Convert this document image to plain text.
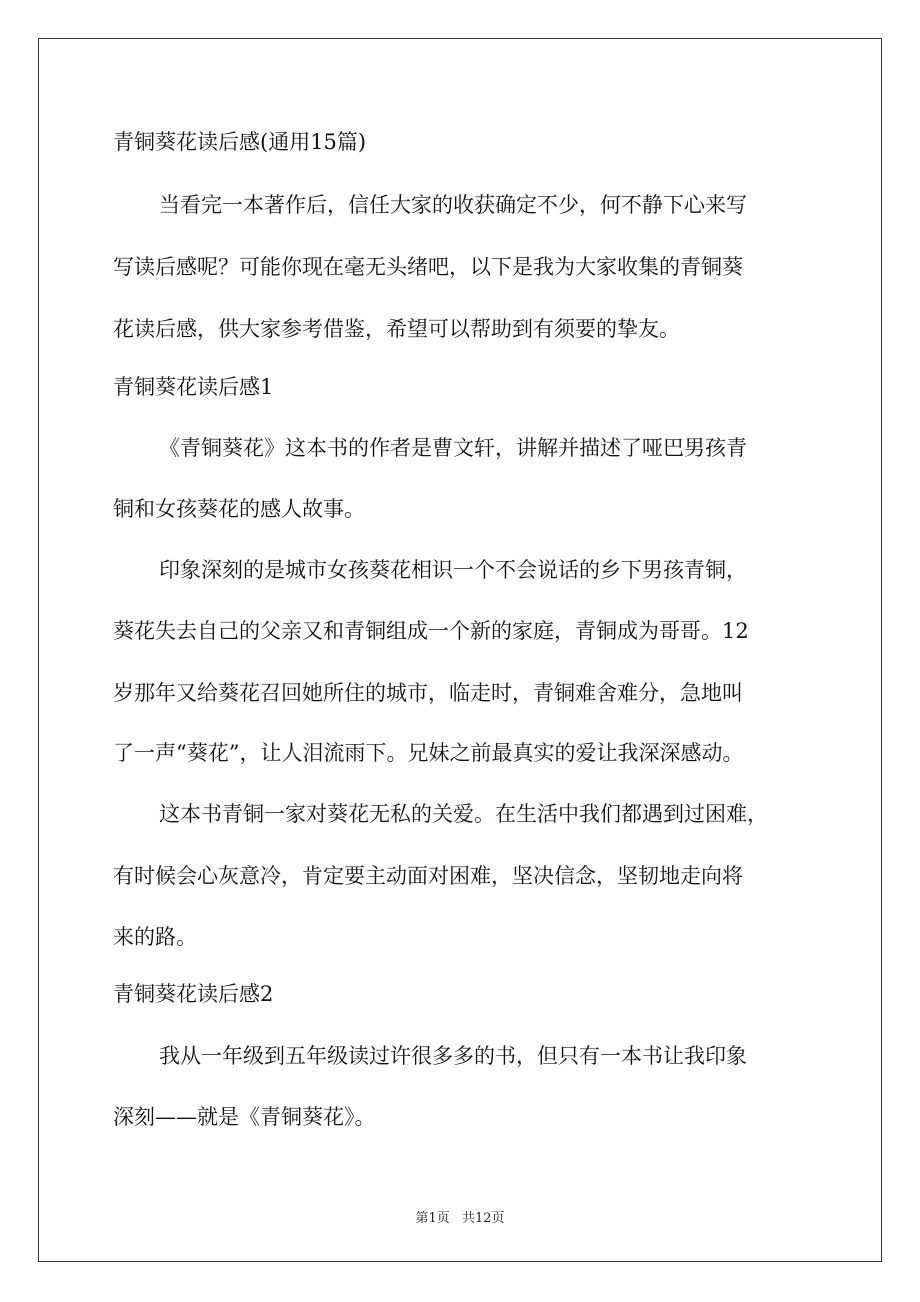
青铜葵花读后感(通用15篇)
当看完一本著作后，信任大家的收获确定不少，何不静下心来写
写读后感呢？可能你现在毫无头绪吧，以下是我为大家收集的青铜葵
花读后感，供大家参考借鉴，希望可以帮助到有须要的挚友。
青铜葵花读后感1
《青铜葵花》这本书的作者是曹文轩，讲解并描述了哑巴男孩青
铜和女孩葵花的感人故事。
印象深刻的是城市女孩葵花相识一个不会说话的乡下男孩青铜，
葵花失去自己的父亲又和青铜组成一个新的家庭，青铜成为哥哥。12
岁那年又给葵花召回她所住的城市，临走时，青铜难舍难分，急地叫
了一声“葵花”，让人泪流雨下。兄妹之前最真实的爱让我深深感动。
这本书青铜一家对葵花无私的关爱。在生活中我们都遇到过困难，
有时候会心灰意冷，肯定要主动面对困难，坚决信念，坚韧地走向将
来的路。
青铜葵花读后感2
我从一年级到五年级读过许很多多的书，但只有一本书让我印象
深刻——就是《青铜葵花》。
第1页 共12页
